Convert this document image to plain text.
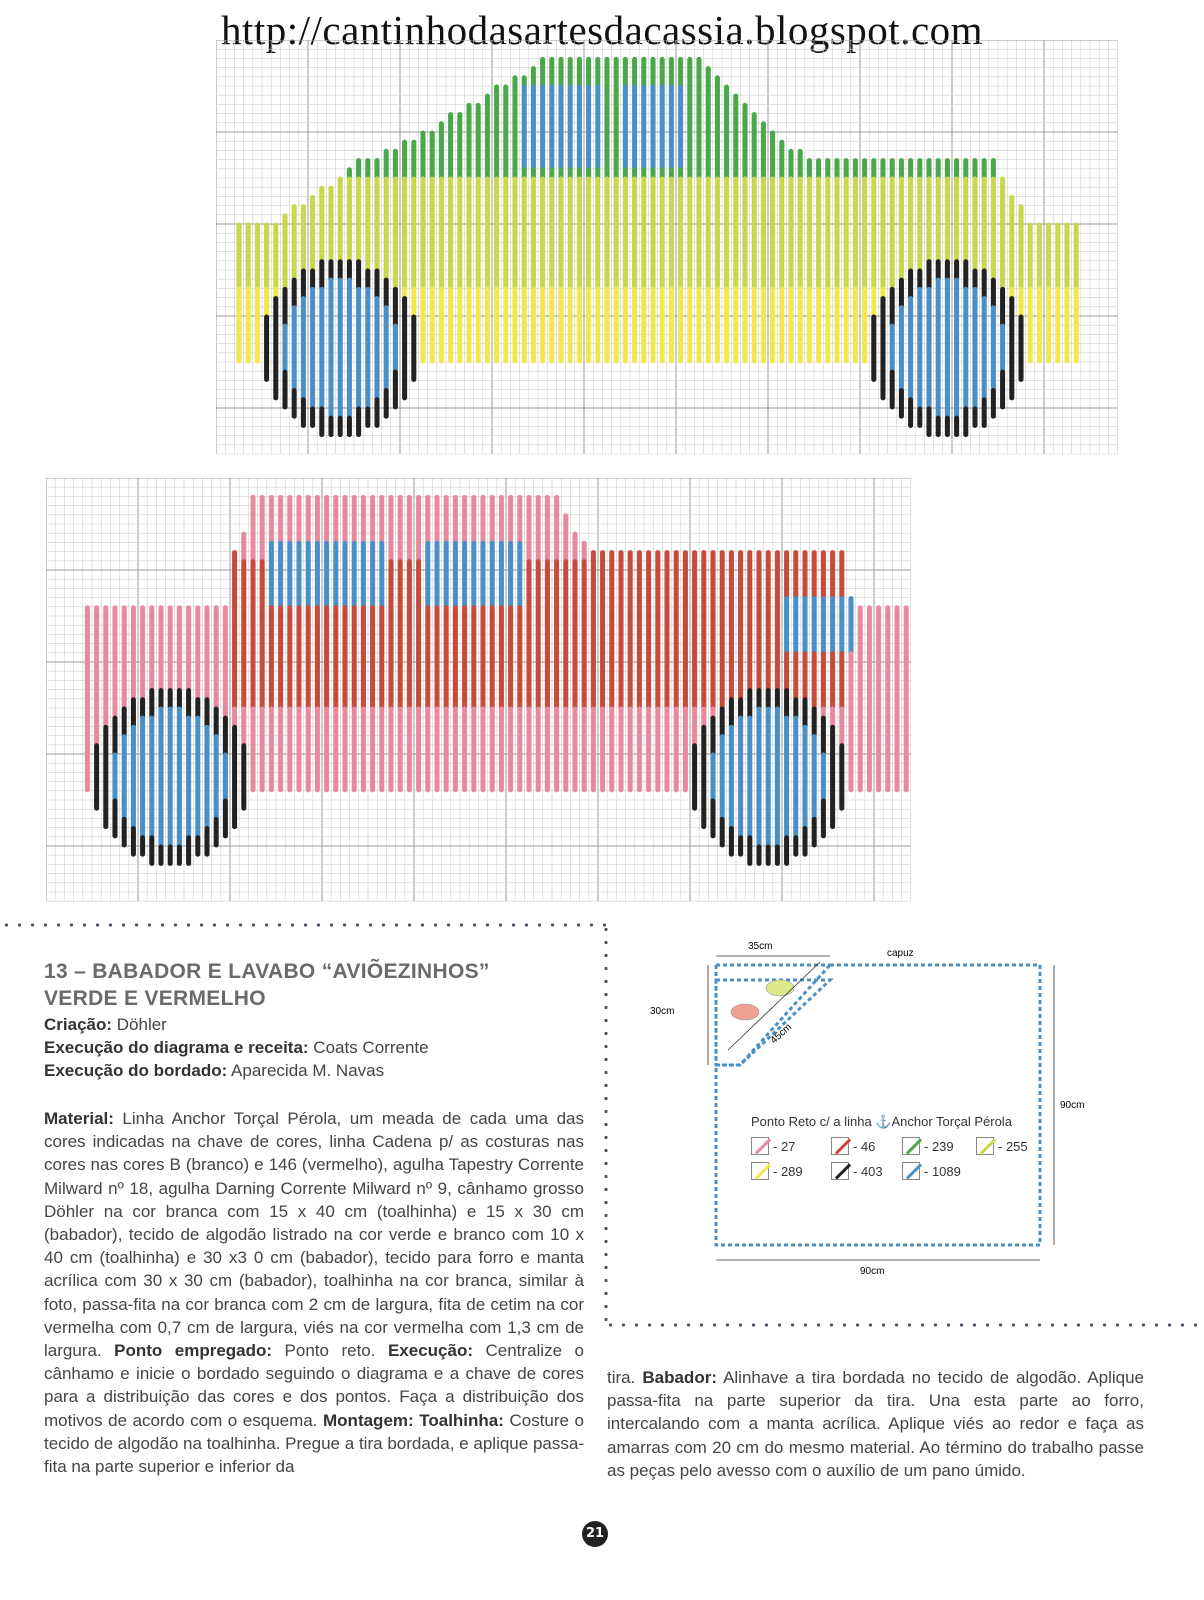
http://cantinhodasartesdacassia.blogspot.com
13 – BABADOR E LAVABO “AVIÕEZINHOS”
VERDE E VERMELHO
Criação: Döhler
Execução do diagrama e receita: Coats Corrente
Execução do bordado: Aparecida M. Navas
Material: Linha Anchor Torçal Pérola, um meada de cada uma das cores indicadas na chave de cores, linha Cadena p/ as costuras nas cores nas cores B (branco) e 146 (vermelho), agulha Tapestry Corrente Milward nº 18, agulha Darning Corrente Milward nº 9, cânhamo grosso Döhler na cor branca com 15 x 40 cm (toalhinha) e 15 x 30 cm (babador), tecido de algodão listrado na cor verde e branco com 10 x 40 cm (toalhinha) e 30 x3 0 cm (babador), tecido para forro e manta acrílica com 30 x 30 cm (babador), toalhinha na cor branca, similar à foto, passa-fita na cor branca com 2 cm de largura, fita de cetim na cor vermelha com 0,7 cm de largura, viés na cor vermelha com 1,3 cm de largura. Ponto empregado: Ponto reto. Execução: Centralize o cânhamo e inicie o bordado seguindo o diagrama e a chave de cores para a distribuição das cores e dos pontos. Faça a distribuição dos motivos de acordo com o esquema. Montagem: Toalhinha: Costure o tecido de algodão na toalhinha. Pregue a tira bordada, e aplique passa-fita na parte superior e inferior da
tira. Babador: Alinhave a tira bordada no tecido de algodão. Aplique passa-fita na parte superior da tira. Una esta parte ao forro, intercalando com a manta acrílica. Aplique viés ao redor e faça as amarras com 20 cm do mesmo material. Ao término do trabalho passe as peças pelo avesso com o auxílio de um pano úmido.
capuz
35cm
30cm
45cm
90cm
90cm
Ponto Reto c/ a linha ⚓Anchor Torçal Pérola
- 27	- 46	- 239	- 255
- 289	- 403	- 1089
21
